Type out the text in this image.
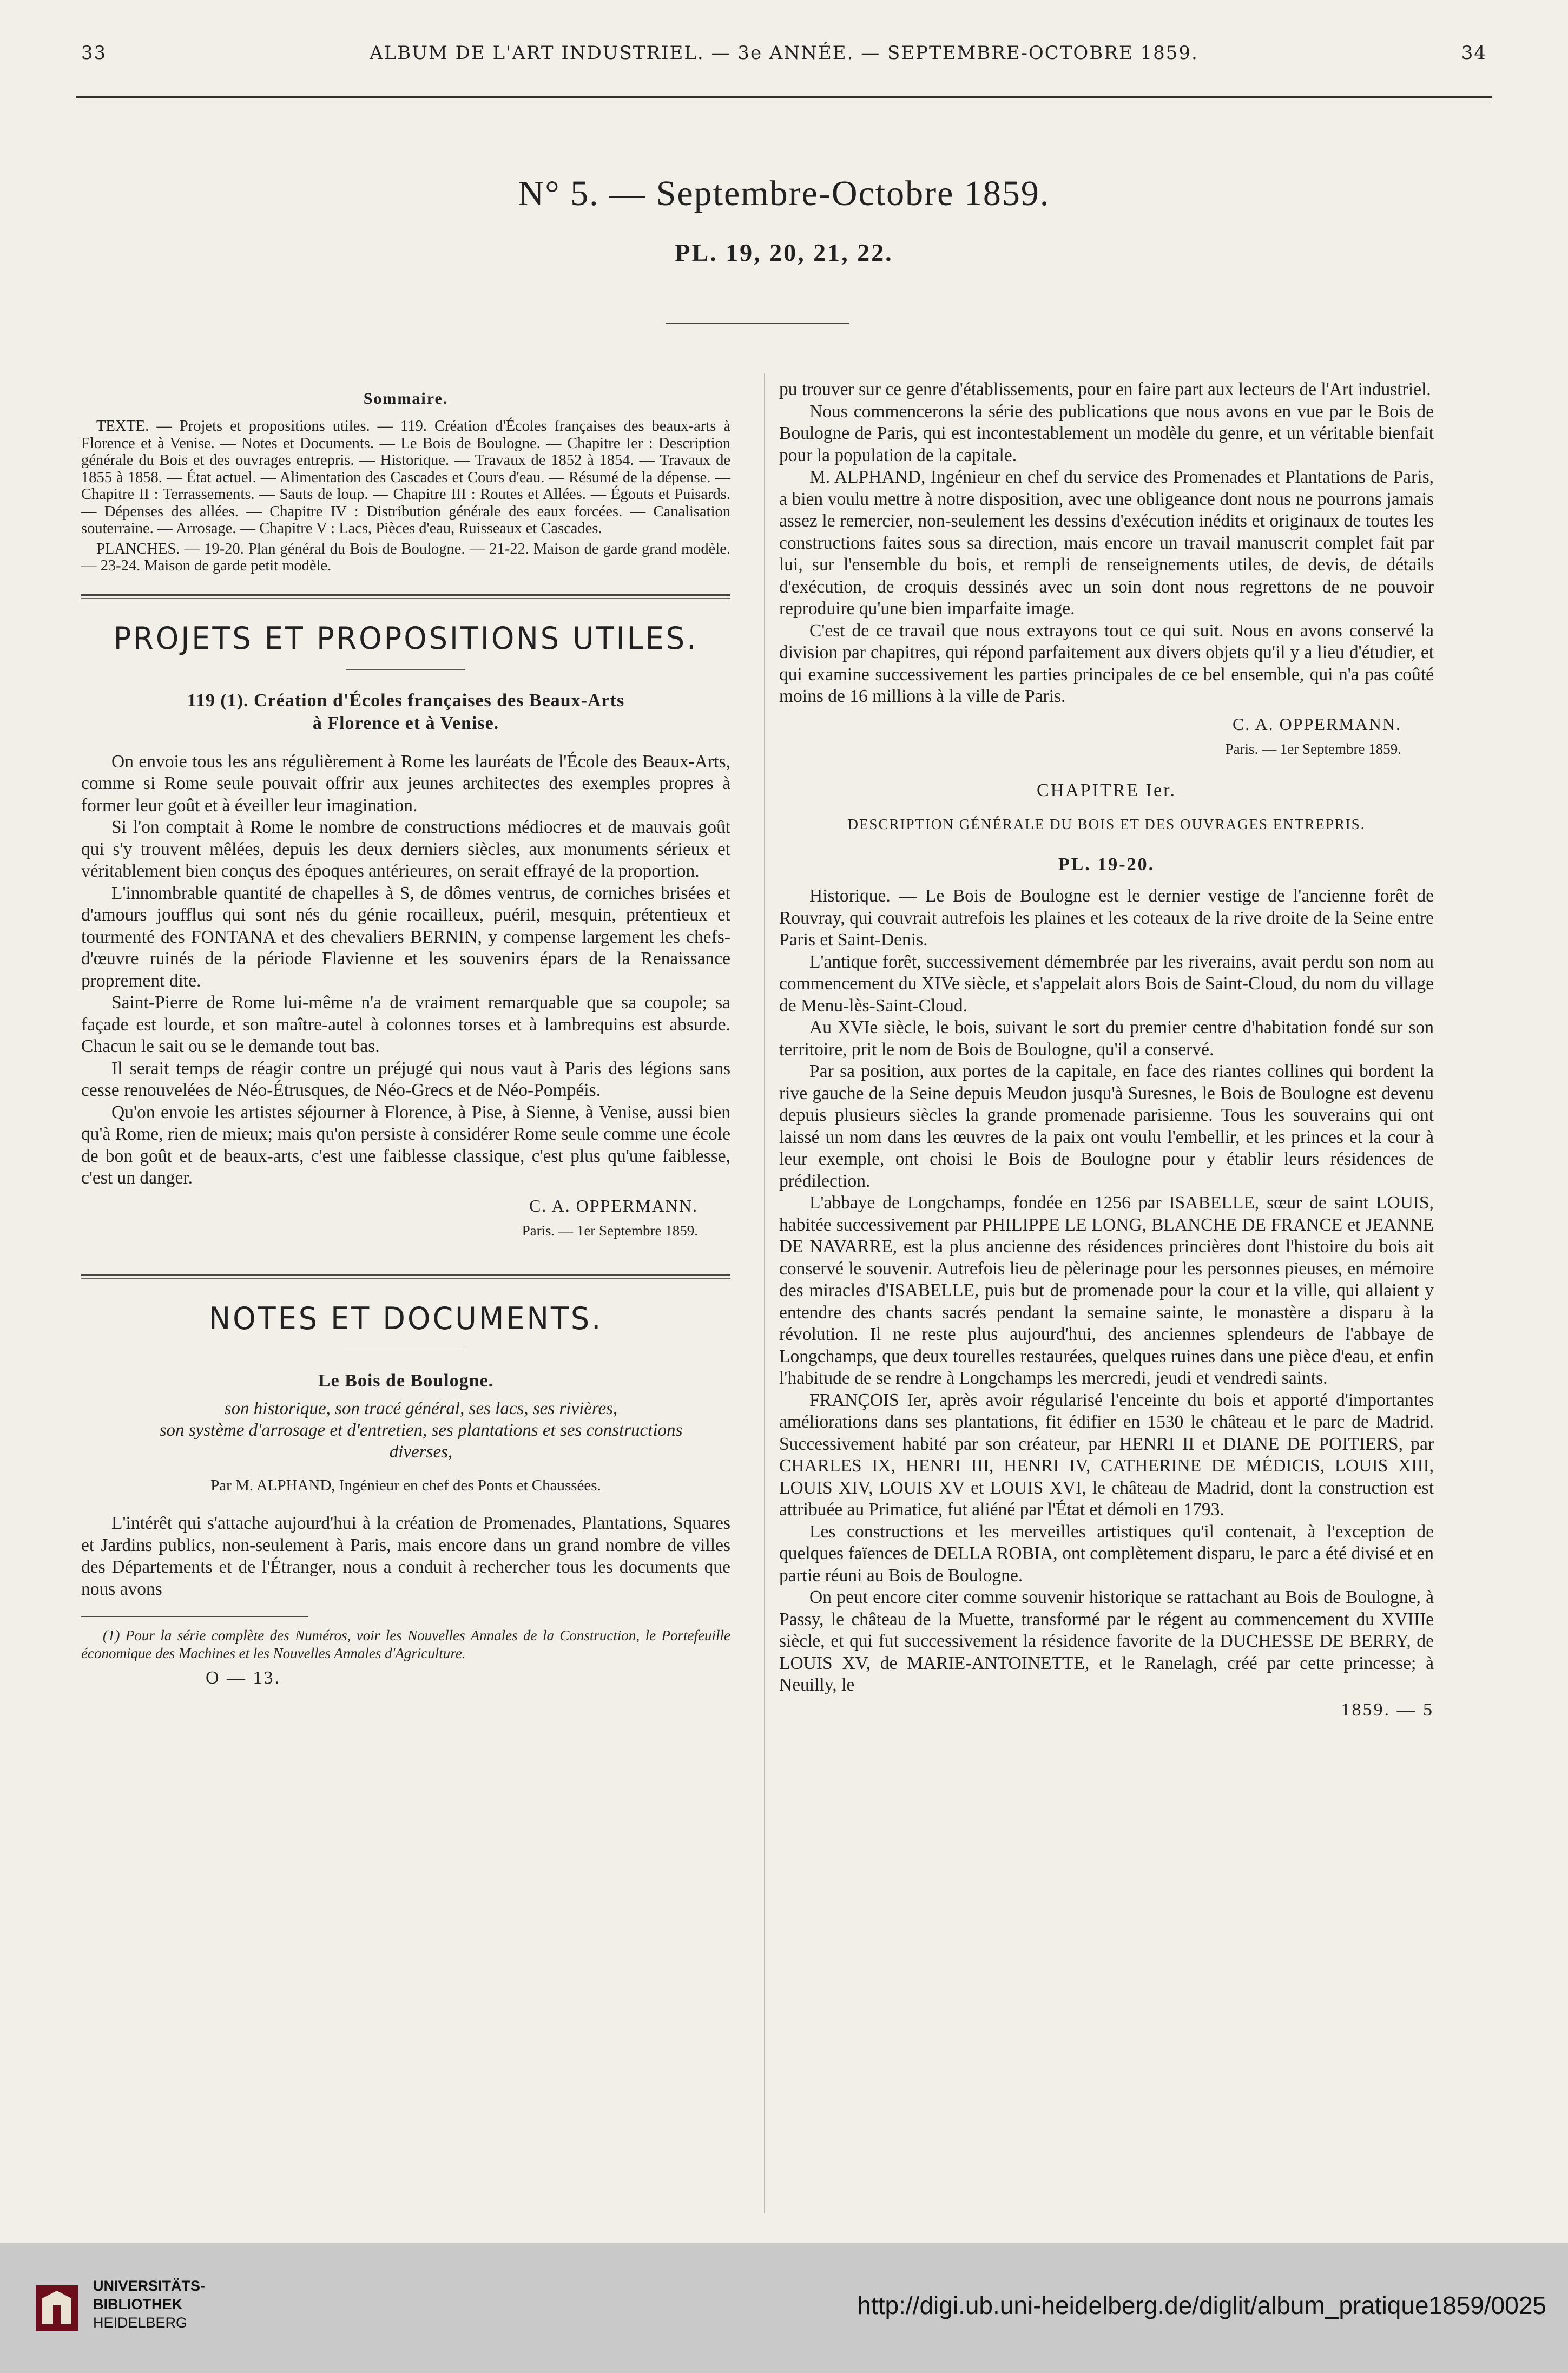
33	ALBUM DE L'ART INDUSTRIEL. — 3e ANNÉE. — SEPTEMBRE-OCTOBRE 1859.	34
N° 5. — Septembre-Octobre 1859.
PL. 19, 20, 21, 22.
Sommaire.

TEXTE. — Projets et propositions utiles. — 119. Création d'Écoles françaises des beaux-arts à Florence et à Venise. — Notes et Documents. — Le Bois de Boulogne. — Chapitre Ier : Description générale du Bois et des ouvrages entrepris. — Historique. — Travaux de 1852 à 1854. — Travaux de 1855 à 1858. — État actuel. — Alimentation des Cascades et Cours d'eau. — Résumé de la dépense. — Chapitre II : Terrassements. — Sauts de loup. — Chapitre III : Routes et Allées. — Égouts et Puisards. — Dépenses des allées. — Chapitre IV : Distribution générale des eaux forcées. — Canalisation souterraine. — Arrosage. — Chapitre V : Lacs, Pièces d'eau, Ruisseaux et Cascades.

PLANCHES. — 19-20. Plan général du Bois de Boulogne. — 21-22. Maison de garde grand modèle. — 23-24. Maison de garde petit modèle.

PROJETS ET PROPOSITIONS UTILES.
119 (1). Création d'Écoles françaises des Beaux-Arts
à Florence et à Venise.

On envoie tous les ans régulièrement à Rome les lauréats de l'École des Beaux-Arts, comme si Rome seule pouvait offrir aux jeunes architectes des exemples propres à former leur goût et à éveiller leur imagination.

Si l'on comptait à Rome le nombre de constructions médiocres et de mauvais goût qui s'y trouvent mêlées, depuis les deux derniers siècles, aux monuments sérieux et véritablement bien conçus des époques antérieures, on serait effrayé de la proportion.

L'innombrable quantité de chapelles à S, de dômes ventrus, de corniches brisées et d'amours joufflus qui sont nés du génie rocailleux, puéril, mesquin, prétentieux et tourmenté des FONTANA et des chevaliers BERNIN, y compense largement les chefs-d'œuvre ruinés de la période Flavienne et les souvenirs épars de la Renaissance proprement dite.

Saint-Pierre de Rome lui-même n'a de vraiment remarquable que sa coupole; sa façade est lourde, et son maître-autel à colonnes torses et à lambrequins est absurde. Chacun le sait ou se le demande tout bas.

Il serait temps de réagir contre un préjugé qui nous vaut à Paris des légions sans cesse renouvelées de Néo-Étrusques, de Néo-Grecs et de Néo-Pompéis.

Qu'on envoie les artistes séjourner à Florence, à Pise, à Sienne, à Venise, aussi bien qu'à Rome, rien de mieux; mais qu'on persiste à considérer Rome seule comme une école de bon goût et de beaux-arts, c'est une faiblesse classique, c'est plus qu'une faiblesse, c'est un danger.

C. A. OPPERMANN.

Paris. — 1er Septembre 1859.

NOTES ET DOCUMENTS.
Le Bois de Boulogne.

son historique, son tracé général, ses lacs, ses rivières,

son système d'arrosage et d'entretien, ses plantations et ses constructions

diverses,

Par M. ALPHAND, Ingénieur en chef des Ponts et Chaussées.

L'intérêt qui s'attache aujourd'hui à la création de Promenades, Plantations, Squares et Jardins publics, non-seulement à Paris, mais encore dans un grand nombre de villes des Départements et de l'Étranger, nous a conduit à rechercher tous les documents que nous avons

(1) Pour la série complète des Numéros, voir les Nouvelles Annales de la Construction, le Portefeuille économique des Machines et les Nouvelles Annales d'Agriculture.

O — 13.

pu trouver sur ce genre d'établissements, pour en faire part aux lecteurs de l'Art industriel.

Nous commencerons la série des publications que nous avons en vue par le Bois de Boulogne de Paris, qui est incontestablement un modèle du genre, et un véritable bienfait pour la population de la capitale.

M. ALPHAND, Ingénieur en chef du service des Promenades et Plantations de Paris, a bien voulu mettre à notre disposition, avec une obligeance dont nous ne pourrons jamais assez le remercier, non-seulement les dessins d'exécution inédits et originaux de toutes les constructions faites sous sa direction, mais encore un travail manuscrit complet fait par lui, sur l'ensemble du bois, et rempli de renseignements utiles, de devis, de détails d'exécution, de croquis dessinés avec un soin dont nous regrettons de ne pouvoir reproduire qu'une bien imparfaite image.

C'est de ce travail que nous extrayons tout ce qui suit. Nous en avons conservé la division par chapitres, qui répond parfaitement aux divers objets qu'il y a lieu d'étudier, et qui examine successivement les parties principales de ce bel ensemble, qui n'a pas coûté moins de 16 millions à la ville de Paris.

C. A. OPPERMANN.

Paris. — 1er Septembre 1859.

CHAPITRE Ier.

DESCRIPTION GÉNÉRALE DU BOIS ET DES OUVRAGES ENTREPRIS.

PL. 19-20.

Historique. — Le Bois de Boulogne est le dernier vestige de l'ancienne forêt de Rouvray, qui couvrait autrefois les plaines et les coteaux de la rive droite de la Seine entre Paris et Saint-Denis.

L'antique forêt, successivement démembrée par les riverains, avait perdu son nom au commencement du XIVe siècle, et s'appelait alors Bois de Saint-Cloud, du nom du village de Menu-lès-Saint-Cloud.

Au XVIe siècle, le bois, suivant le sort du premier centre d'habitation fondé sur son territoire, prit le nom de Bois de Boulogne, qu'il a conservé.

Par sa position, aux portes de la capitale, en face des riantes collines qui bordent la rive gauche de la Seine depuis Meudon jusqu'à Suresnes, le Bois de Boulogne est devenu depuis plusieurs siècles la grande promenade parisienne. Tous les souverains qui ont laissé un nom dans les œuvres de la paix ont voulu l'embellir, et les princes et la cour à leur exemple, ont choisi le Bois de Boulogne pour y établir leurs résidences de prédilection.

L'abbaye de Longchamps, fondée en 1256 par ISABELLE, sœur de saint LOUIS, habitée successivement par PHILIPPE LE LONG, BLANCHE DE FRANCE et JEANNE DE NAVARRE, est la plus ancienne des résidences princières dont l'histoire du bois ait conservé le souvenir. Autrefois lieu de pèlerinage pour les personnes pieuses, en mémoire des miracles d'ISABELLE, puis but de promenade pour la cour et la ville, qui allaient y entendre des chants sacrés pendant la semaine sainte, le monastère a disparu à la révolution. Il ne reste plus aujourd'hui, des anciennes splendeurs de l'abbaye de Longchamps, que deux tourelles restaurées, quelques ruines dans une pièce d'eau, et enfin l'habitude de se rendre à Longchamps les mercredi, jeudi et vendredi saints.

FRANÇOIS Ier, après avoir régularisé l'enceinte du bois et apporté d'importantes améliorations dans ses plantations, fit édifier en 1530 le château et le parc de Madrid. Successivement habité par son créateur, par HENRI II et DIANE DE POITIERS, par CHARLES IX, HENRI III, HENRI IV, CATHERINE DE MÉDICIS, LOUIS XIII, LOUIS XIV, LOUIS XV et LOUIS XVI, le château de Madrid, dont la construction est attribuée au Primatice, fut aliéné par l'État et démoli en 1793.

Les constructions et les merveilles artistiques qu'il contenait, à l'exception de quelques faïences de DELLA ROBIA, ont complètement disparu, le parc a été divisé et en partie réuni au Bois de Boulogne.

On peut encore citer comme souvenir historique se rattachant au Bois de Boulogne, à Passy, le château de la Muette, transformé par le régent au commencement du XVIIIe siècle, et qui fut successivement la résidence favorite de la DUCHESSE DE BERRY, de LOUIS XV, de MARIE-ANTOINETTE, et le Ranelagh, créé par cette princesse; à Neuilly, le

1859. — 5
UNIVERSITÄTS-
BIBLIOTHEK
HEIDELBERG
http://digi.ub.uni-heidelberg.de/diglit/album_pratique1859/0025
